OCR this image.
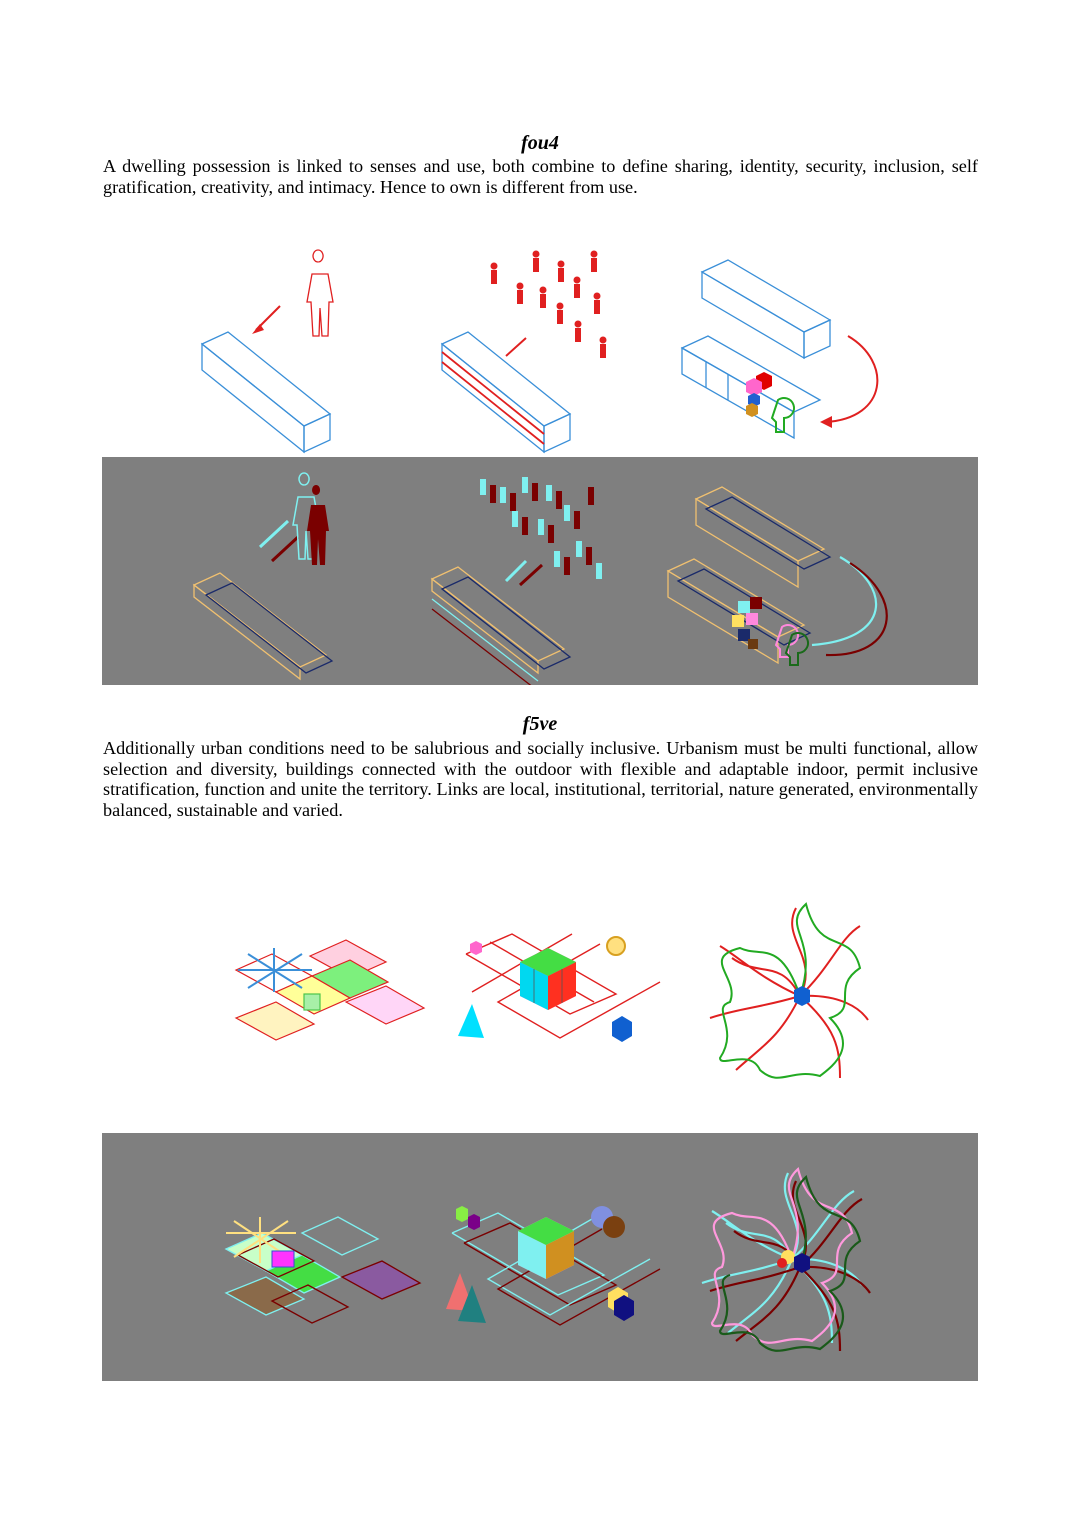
fou4
A dwelling possession is linked to senses and use, both combine to define sharing, identity, security, inclusion, self gratification, creativity, and intimacy. Hence to own is different from use.
f5ve
Additionally urban conditions need to be salubrious and socially inclusive. Urbanism must be multi functional, allow selection and diversity, buildings connected with the outdoor with flexible and adaptable indoor, permit inclusive stratification, function and unite the territory. Links are local, institutional, territorial, nature generated, environmentally balanced, sustainable and varied.
